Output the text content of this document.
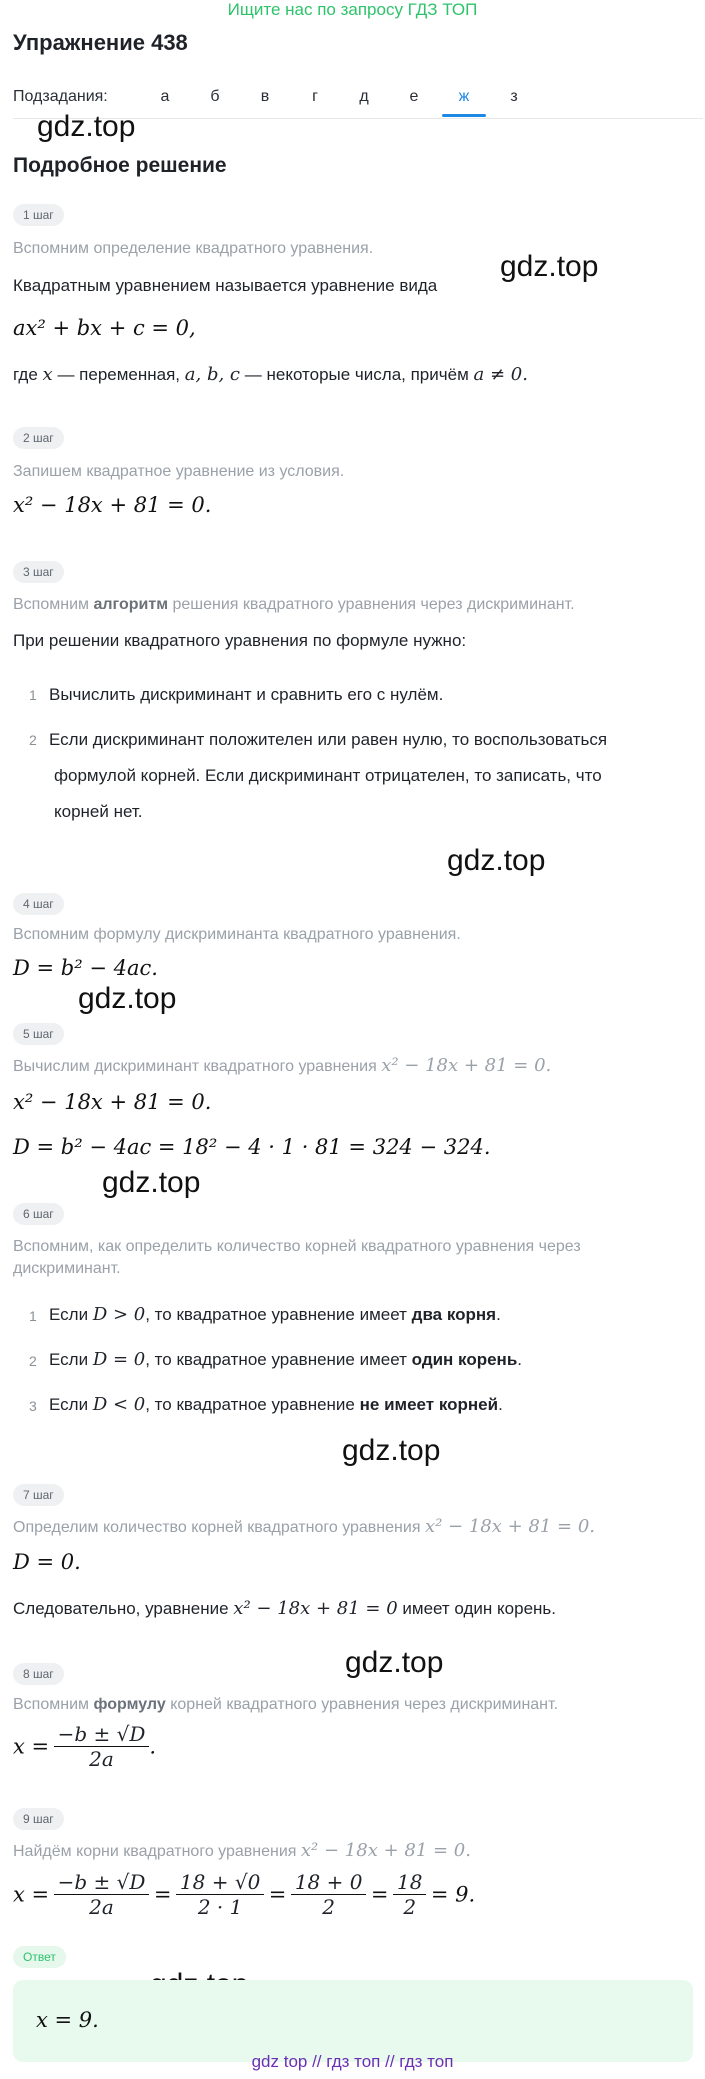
Ищите нас по запросу ГДЗ ТОП
Упражнение 438
Подзадания:	а	б	в	г	д	е	ж	з
gdz.top
gdz.top
gdz.top
gdz.top
gdz.top
gdz.top
gdz.top
Подробное решение
1 шаг
Вспомним определение квадратного уравнения.
Квадратным уравнением называется уравнение вида
ax² + bx + c = 0,
где x — переменная, a, b, c — некоторые числа, причём a ≠ 0.
2 шаг
Запишем квадратное уравнение из условия.
x² − 18x + 81 = 0.
3 шаг
Вспомним алгоритм решения квадратного уравнения через дискриминант.
При решении квадратного уравнения по формуле нужно:
1 Вычислить дискриминант и сравнить его с нулём.
2 Если дискриминант положителен или равен нулю, то воспользоваться
формулой корней. Если дискриминант отрицателен, то записать, что
корней нет.
4 шаг
Вспомним формулу дискриминанта квадратного уравнения.
D = b² − 4ac.
5 шаг
Вычислим дискриминант квадратного уравнения x² − 18x + 81 = 0.
x² − 18x + 81 = 0.
D = b² − 4ac = 18² − 4 · 1 · 81 = 324 − 324.
6 шаг
Вспомним, как определить количество корней квадратного уравнения через
дискриминант.
1 Если D > 0, то квадратное уравнение имеет два корня.
2 Если D = 0, то квадратное уравнение имеет один корень.
3 Если D < 0, то квадратное уравнение не имеет корней.
7 шаг
Определим количество корней квадратного уравнения x² − 18x + 81 = 0.
D = 0.
Следовательно, уравнение x² − 18x + 81 = 0 имеет один корень.
8 шаг
Вспомним формулу корней квадратного уравнения через дискриминант.
$x = \frac{-b \pm √D}{2a}$ .
9 шаг
Найдём корни квадратного уравнения x² − 18x + 81 = 0.
$x = \frac{-b \pm √D}{2a} = \frac{18 + √0}{2 \cdot 1} = \frac{18 + 0}{2} = \frac{18}{2} = 9$.
Ответ
x = 9.
gdz top // гдз топ // гдз топ
